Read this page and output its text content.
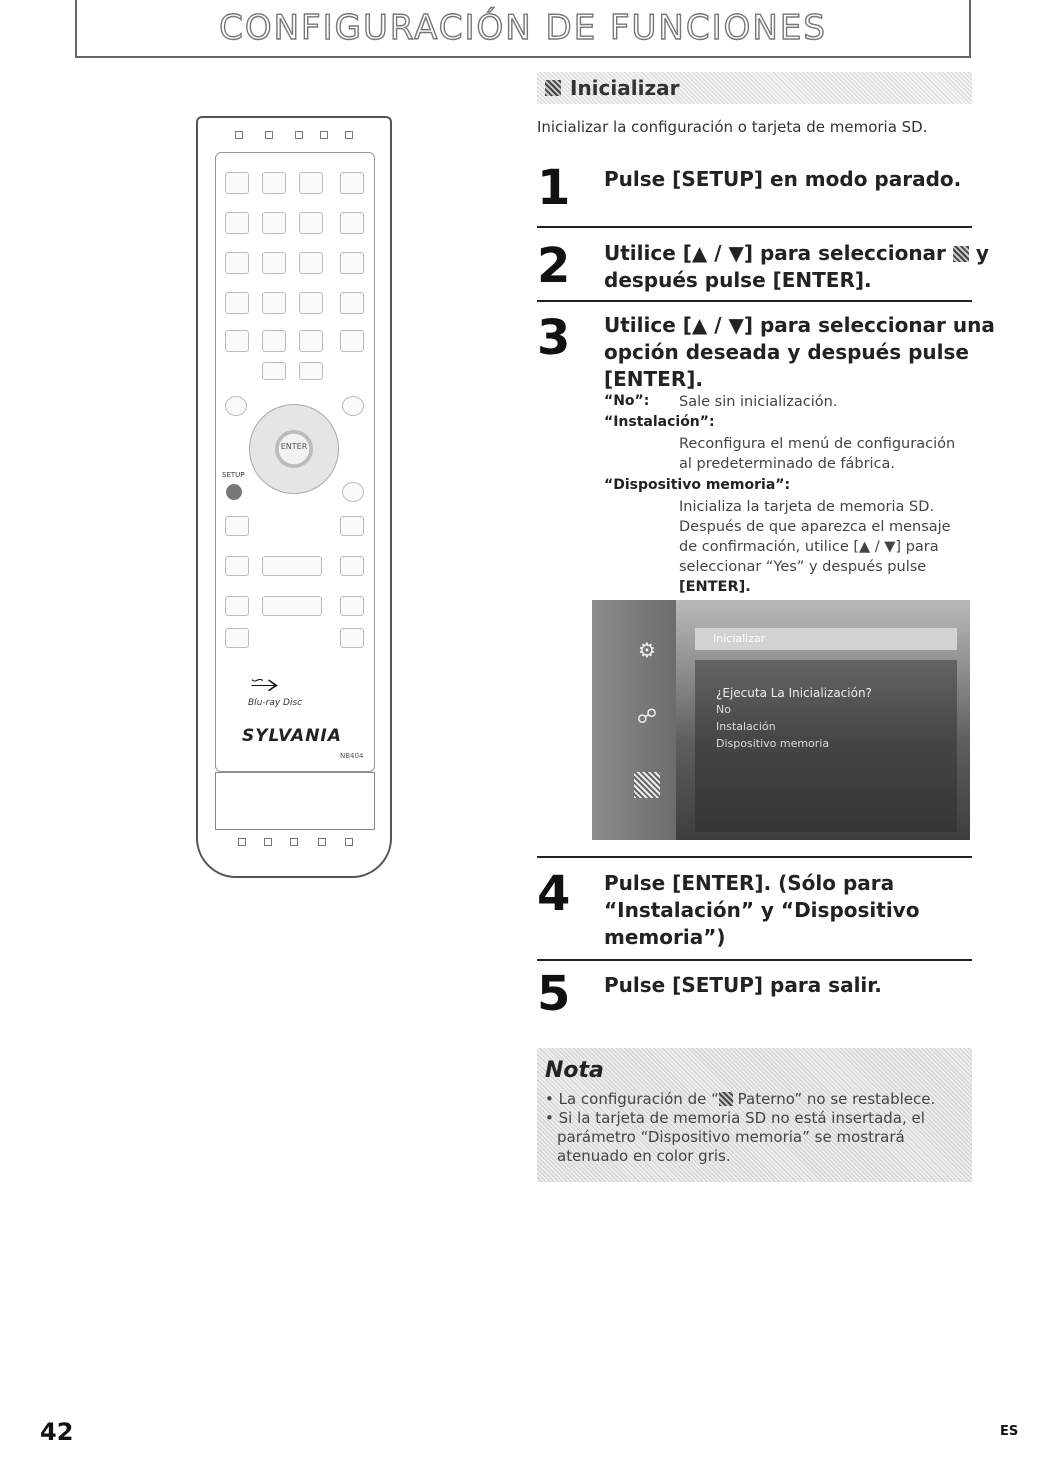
CONFIGURACIÓN DE FUNCIONES
ENTER
SETUP
⭇
Blu-ray Disc
SYLVANIA
NB404
Inicializar
Inicializar la configuración o tarjeta de memoria SD.
1 Pulse [SETUP] en modo parado.
2 Utilice [▲ / ▼] para seleccionar y
después pulse [ENTER].
3 Utilice [▲ / ▼] para seleccionar una
opción deseada y después pulse
[ENTER].
“No”: Sale sin inicialización.
“Instalación”:
Reconfigura el menú de configuración
al predeterminado de fábrica.
“Dispositivo memoria”:
Inicializa la tarjeta de memoria SD.
Después de que aparezca el mensaje
de confirmación, utilice [▲ / ▼] para
seleccionar “Yes” y después pulse
[ENTER].
⚙
☍
Inicializar
¿Ejecuta La Inicialización?
No
Instalación
Dispositivo memoria
4 Pulse [ENTER]. (Sólo para
“Instalación” y “Dispositivo
memoria”)
5 Pulse [SETUP] para salir.
Nota

• La configuración de “ Paterno” no se restablece.

• Si la tarjeta de memoria SD no está insertada, el

parámetro “Dispositivo memoria” se mostrará

atenuado en color gris.

42	ES
